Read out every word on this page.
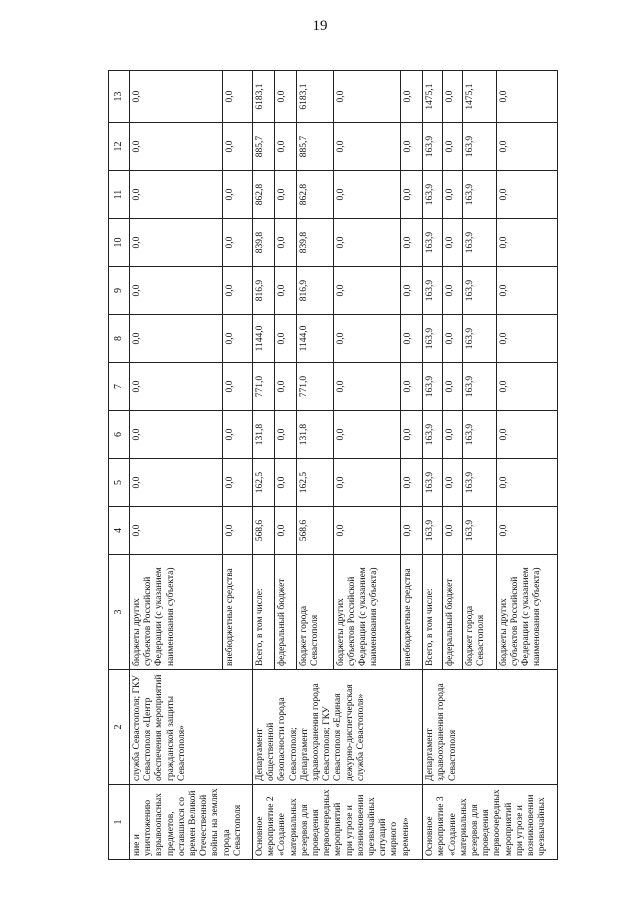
19
1	2	3	4	5	6	7	8	9	10	11	12	13
ние и уничтожению взрывоопасных предметов, оставшихся со времен Великой Отечественной войны на землях города Севастополя	служба Севастополя; ГКУ Севастополя «Центр обеспечения мероприятий гражданской защиты Севастополя»	бюджеты других субъектов Российской Федерации (с указанием наименования субъекта)	0,0	0,0	0,0	0,0	0,0	0,0	0,0	0,0	0,0	0,0
		внебюджетные средства	0,0	0,0	0,0	0,0	0,0	0,0	0,0	0,0	0,0	0,0
Основное мероприятие 2 «Создание материальных резервов для проведения первоочередных мероприятий при угрозе и возникновении чрезвычайных ситуаций мирного времени»	Департамент общественной безопасности города Севастополя; Департамент здравоохранения города Севастополя; ГКУ Севастополя «Единая дежурно-диспетчерская служба Севастополя»	Всего, в том числе:	568,6	162,5	131,8	771,0	1144,0	816,9	839,8	862,8	885,7	6183,1
		федеральный бюджет	0,0	0,0	0,0	0,0	0,0	0,0	0,0	0,0	0,0	0,0
		бюджет города Севастополя	568,6	162,5	131,8	771,0	1144,0	816,9	839,8	862,8	885,7	6183,1
		бюджеты других субъектов Российской Федерации (с указанием наименования субъекта)	0,0	0,0	0,0	0,0	0,0	0,0	0,0	0,0	0,0	0,0
		внебюджетные средства	0,0	0,0	0,0	0,0	0,0	0,0	0,0	0,0	0,0	0,0
Основное мероприятие 3 «Создание материальных резервов для проведения первоочередных мероприятий при угрозе и возникновении чрезвычайных	Департамент здравоохранения города Севастополя	Всего, в том числе:	163,9	163,9	163,9	163,9	163,9	163,9	163,9	163,9	163,9	1475,1
		федеральный бюджет	0,0	0,0	0,0	0,0	0,0	0,0	0,0	0,0	0,0	0,0
		бюджет города Севастополя	163,9	163,9	163,9	163,9	163,9	163,9	163,9	163,9	163,9	1475,1
		бюджеты других субъектов Российской Федерации (с указанием наименования субъекта)	0,0	0,0	0,0	0,0	0,0	0,0	0,0	0,0	0,0	0,0
